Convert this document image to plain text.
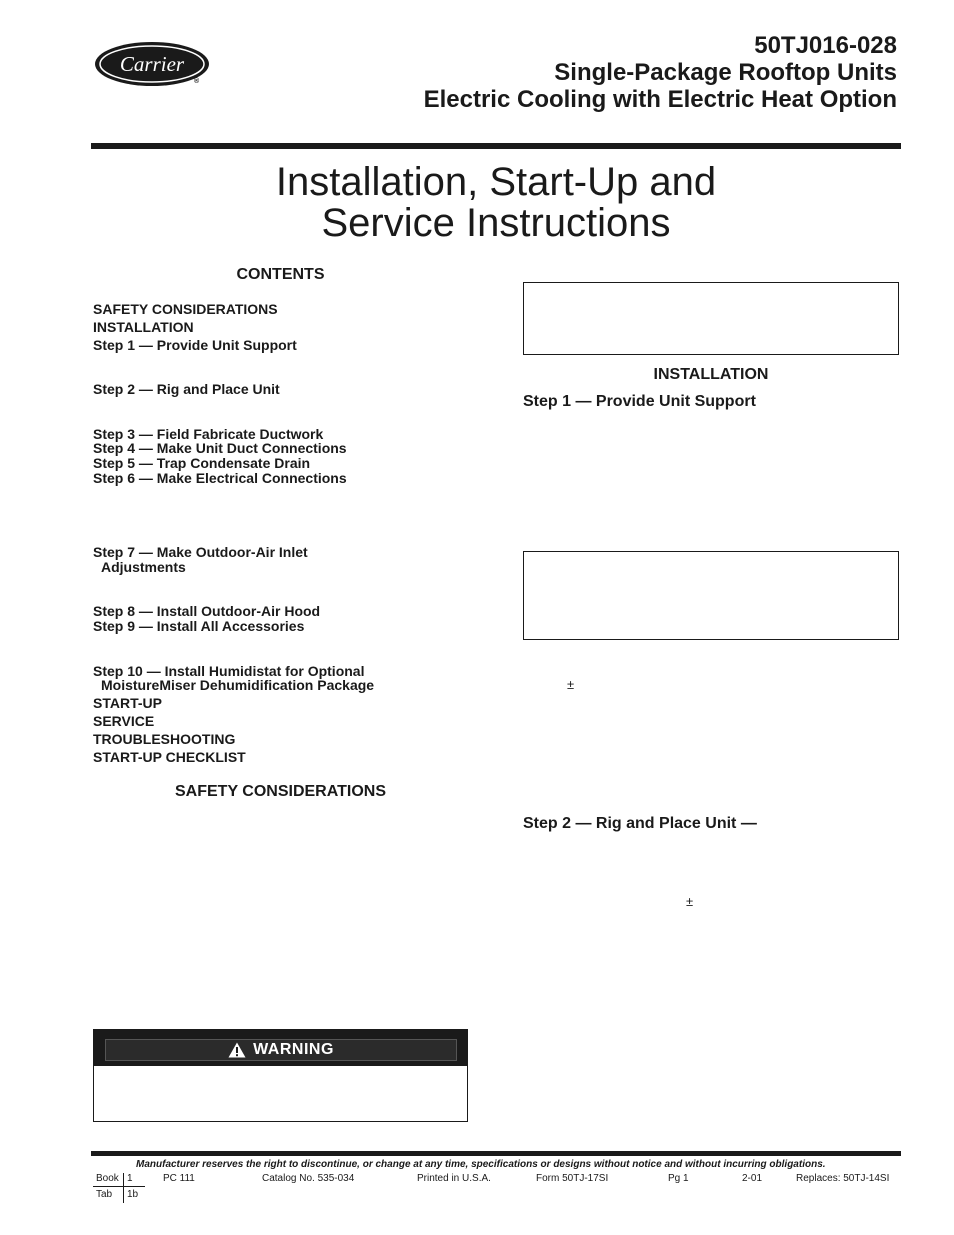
Carrier
®
50TJ016-028
Single-Package Rooftop Units
Electric Cooling with Electric Heat Option
Installation, Start-Up and
Service Instructions
CONTENTS
SAFETY CONSIDERATIONS
INSTALLATION
Step 1 — Provide Unit Support
Step 2 — Rig and Place Unit
Step 3 — Field Fabricate Ductwork
Step 4 — Make Unit Duct Connections
Step 5 — Trap Condensate Drain
Step 6 — Make Electrical Connections
Step 7 — Make Outdoor-Air Inlet
Adjustments
Step 8 — Install Outdoor-Air Hood
Step 9 — Install All Accessories
Step 10 — Install Humidistat for Optional
MoistureMiser Dehumidification Package
START-UP
SERVICE
TROUBLESHOOTING
START-UP CHECKLIST
SAFETY CONSIDERATIONS
INSTALLATION
Step 1 — Provide Unit Support
±
Step 2 — Rig and Place Unit —
±
WARNING
Manufacturer reserves the right to discontinue, or change at any time, specifications or designs without notice and without incurring obligations.
Book 1
Tab 1b
PC 111	Catalog No. 535-034	Printed in U.S.A.	Form 50TJ-17SI	Pg 1	2-01	Replaces: 50TJ-14SI
